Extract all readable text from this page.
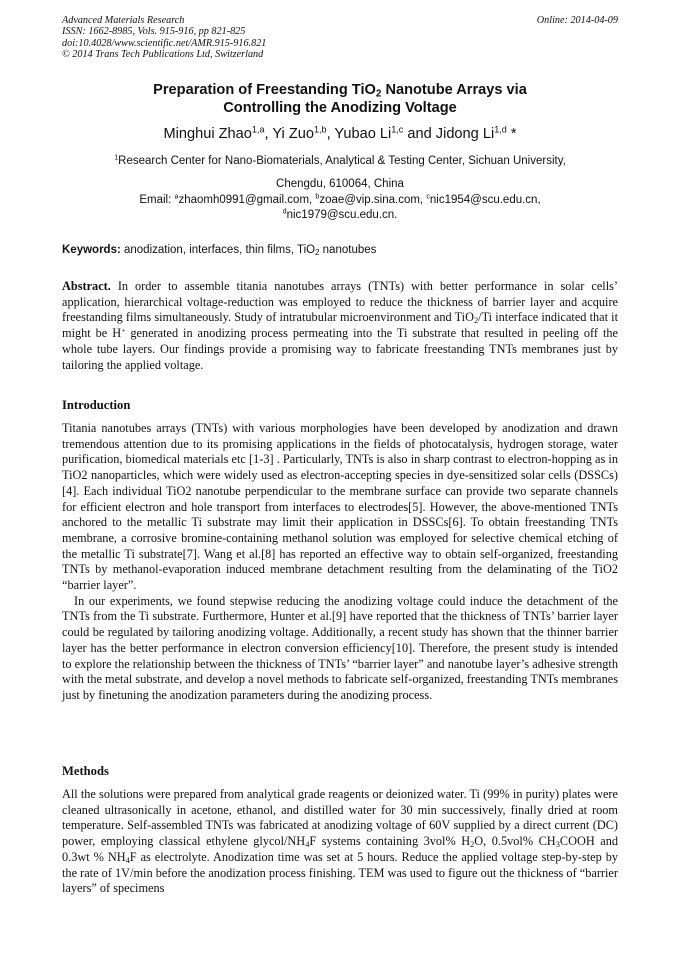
Advanced Materials Research
ISSN: 1662-8985, Vols. 915-916, pp 821-825
doi:10.4028/www.scientific.net/AMR.915-916.821
© 2014 Trans Tech Publications Ltd, Switzerland
Online: 2014-04-09
Preparation of Freestanding TiO$_2$ Nanotube Arrays via
Controlling the Anodizing Voltage
Minghui Zhao$^{1,a}$, Yi Zuo$^{1,b}$, Yubao Li$^{1,c}$ and Jidong Li$^{1,d}$ *
$^1$Research Center for Nano-Biomaterials, Analytical & Testing Center, Sichuan University,
Chengdu, 610064, China
Email: $^a$zhaomh0991@gmail.com, $^b$zoae@vip.sina.com, $^c$nic1954@scu.edu.cn,
$^d$nic1979@scu.edu.cn.
Keywords: anodization, interfaces, thin films, TiO$_2$ nanotubes

Abstract. In order to assemble titania nanotubes arrays (TNTs) with better performance in solar cells’ application, hierarchical voltage-reduction was employed to reduce the thickness of barrier layer and acquire freestanding films simultaneously. Study of intratubular microenvironment and TiO$_2$/Ti interface indicated that it might be H+ generated in anodizing process permeating into the Ti substrate that resulted in peeling off the whole tube layers. Our findings provide a promising way to fabricate freestanding TNTs membranes just by tailoring the applied voltage.

Introduction

Titania nanotubes arrays (TNTs) with various morphologies have been developed by anodization and drawn tremendous attention due to its promising applications in the fields of photocatalysis, hydrogen storage, water purification, biomedical materials etc [1-3] . Particularly, TNTs is also in sharp contrast to electron-hopping as in TiO2 nanoparticles, which were widely used as electron-accepting species in dye-sensitized solar cells (DSSCs)[4]. Each individual TiO2 nanotube perpendicular to the membrane surface can provide two separate channels for efficient electron and hole transport from interfaces to electrodes[5]. However, the above-mentioned TNTs anchored to the metallic Ti substrate may limit their application in DSSCs[6]. To obtain freestanding TNTs membrane, a corrosive bromine-containing methanol solution was employed for selective chemical etching of the metallic Ti substrate[7]. Wang et al.[8] has reported an effective way to obtain self-organized, freestanding TNTs by methanol-evaporation induced membrane detachment resulting from the delaminating of the TiO2 “barrier layer”.

In our experiments, we found stepwise reducing the anodizing voltage could induce the detachment of the TNTs from the Ti substrate. Furthermore, Hunter et al.[9] have reported that the thickness of TNTs’ barrier layer could be regulated by tailoring anodizing voltage. Additionally, a recent study has shown that the thinner barrier layer has the better performance in electron conversion efficiency[10]. Therefore, the present study is intended to explore the relationship between the thickness of TNTs’ “barrier layer” and nanotube layer’s adhesive strength with the metal substrate, and develop a novel methods to fabricate self-organized, freestanding TNTs membranes just by finetuning the anodization parameters during the anodizing process.

Methods

All the solutions were prepared from analytical grade reagents or deionized water. Ti (99% in purity) plates were cleaned ultrasonically in acetone, ethanol, and distilled water for 30 min successively, finally dried at room temperature. Self-assembled TNTs was fabricated at anodizing voltage of 60V supplied by a direct current (DC) power, employing classical ethylene glycol/$NH_4F$ systems containing 3vol% $H_2O$, 0.5vol% $CH_3COOH$ and 0.3wt % $NH_4F$ as electrolyte. Anodization time was set at 5 hours. Reduce the applied voltage step-by-step by the rate of 1V/min before the anodization process finishing. TEM was used to figure out the thickness of “barrier layers” of specimens
